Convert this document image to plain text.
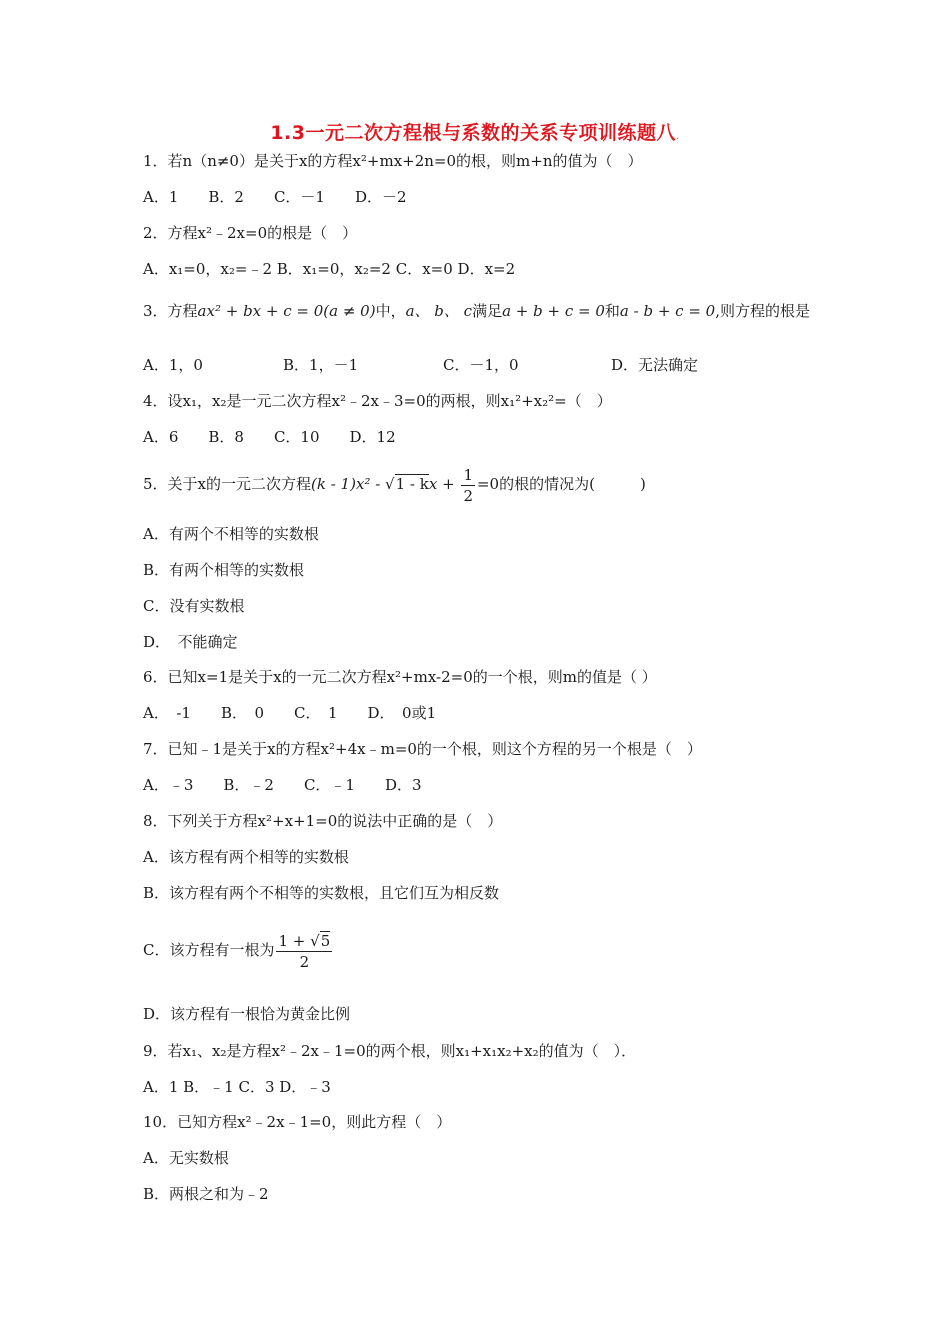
1.3一元二次方程根与系数的关系专项训练题八.
1．若n（n≠0）是关于x的方程x²+mx+2n=0的根，则m+n的值为（　）
A．1　　B．2　　C．－1　　D．－2
2．方程x²﹣2x=0的根是（　）
A．x₁=0，x₂=﹣2 B．x₁=0，x₂=2 C．x=0 D．x=2
3．方程ax² + bx + c = 0(a ≠ 0)中，a、 b、 c满足a + b + c = 0和a - b + c = 0,则方程的根是
A．1，0	B．1，－1	C．－1，0	D．无法确定
4．设x₁，x₂是一元二次方程x²﹣2x﹣3=0的两根，则x₁²+x₂²=（　）
A．6　　B．8　　C．10　　D．12
5．关于x的一元二次方程(k - 1)x² - √1 - kx + $\frac{1}{2} =0$的根的情况为(　　　)
A．有两个不相等的实数根
B．有两个相等的实数根
C．没有实数根
D．　不能确定
6．已知x=1是关于x的一元二次方程x²+mx-2=0的一个根，则m的值是（ ）
A．　-1　　B．　0　　C．　1　　D．　0或1
7．已知﹣1是关于x的方程x²+4x﹣m=0的一个根，则这个方程的另一个根是（　）
A．﹣3　　B．﹣2　　C．﹣1　　D．3
8．下列关于方程x²+x+1=0的说法中正确的是（　）
A．该方程有两个相等的实数根
B．该方程有两个不相等的实数根，且它们互为相反数
C．该方程有一根为 $\frac{1 + √5}{2}$
D．该方程有一根恰为黄金比例
9．若x₁、x₂是方程x²﹣2x﹣1=0的两个根，则x₁+x₁x₂+x₂的值为（　）．
A．1 B．﹣1 C．3 D．﹣3
10．已知方程x²﹣2x﹣1=0，则此方程（　）
A．无实数根
B．两根之和为﹣2
